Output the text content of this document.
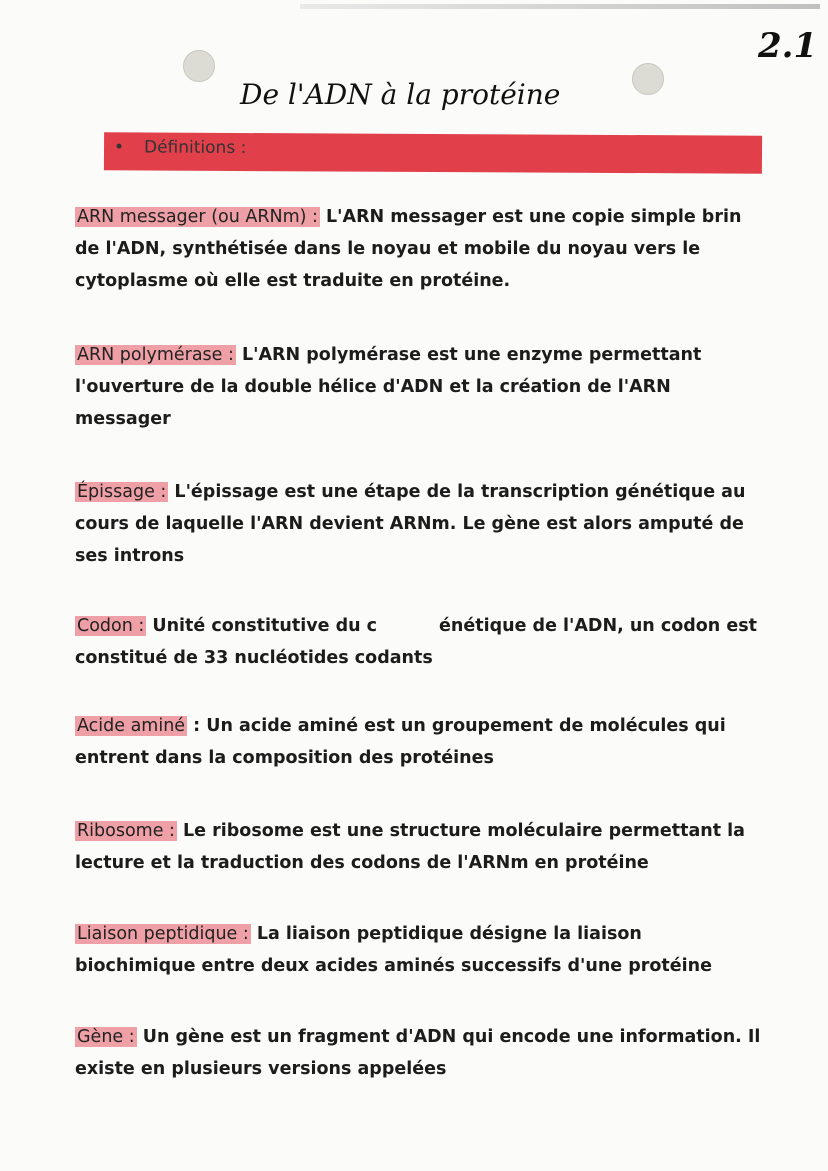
2.1
De l'ADN à la protéine
• Définitions :
ARN messager (ou ARNm) : L'ARN messager est une copie simple brin de l'ADN, synthétisée dans le noyau et mobile du noyau vers le cytoplasme où elle est traduite en protéine.
ARN polymérase : L'ARN polymérase est une enzyme permettant l'ouverture de la double hélice d'ADN et la création de l'ARN messager
Épissage : L'épissage est une étape de la transcription génétique au cours de laquelle l'ARN devient ARNm. Le gène est alors amputé de ses introns
Codon : Unité constitutive du c	énétique de l'ADN, un codon est constitué de 33 nucléotides codants
Acide aminé : Un acide aminé est un groupement de molécules qui entrent dans la composition des protéines
Ribosome : Le ribosome est une structure moléculaire permettant la lecture et la traduction des codons de l'ARNm en protéine
Liaison peptidique : La liaison peptidique désigne la liaison biochimique entre deux acides aminés successifs d'une protéine
Gène : Un gène est un fragment d'ADN qui encode une information. Il existe en plusieurs versions appelées
